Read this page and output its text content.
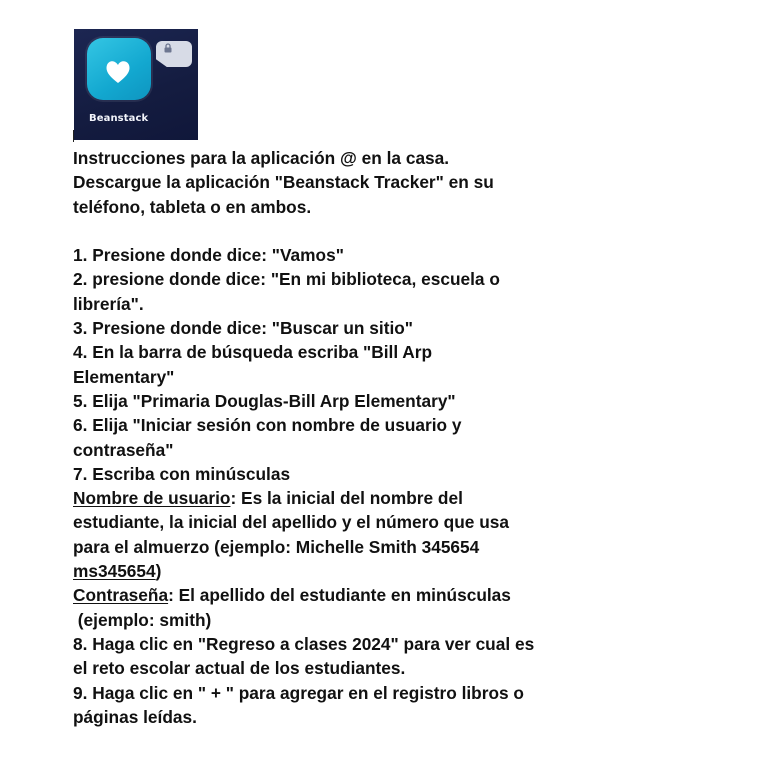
Beanstack
Instrucciones para la aplicación @ en la casa.
Descargue la aplicación "Beanstack Tracker" en su
teléfono, tableta o en ambos.
1. Presione donde dice: "Vamos"
2. presione donde dice: "En mi biblioteca, escuela o
librería".
3. Presione donde dice: "Buscar un sitio"
4. En la barra de búsqueda escriba "Bill Arp
Elementary"
5. Elija "Primaria Douglas-Bill Arp Elementary"
6. Elija "Iniciar sesión con nombre de usuario y
contraseña"
7. Escriba con minúsculas
Nombre de usuario: Es la inicial del nombre del
estudiante, la inicial del apellido y el número que usa
para el almuerzo (ejemplo: Michelle Smith 345654
ms345654)
Contraseña: El apellido del estudiante en minúsculas
(ejemplo: smith)
8. Haga clic en "Regreso a clases 2024" para ver cual es
el reto escolar actual de los estudiantes.
9. Haga clic en " + " para agregar en el registro libros o
páginas leídas.
